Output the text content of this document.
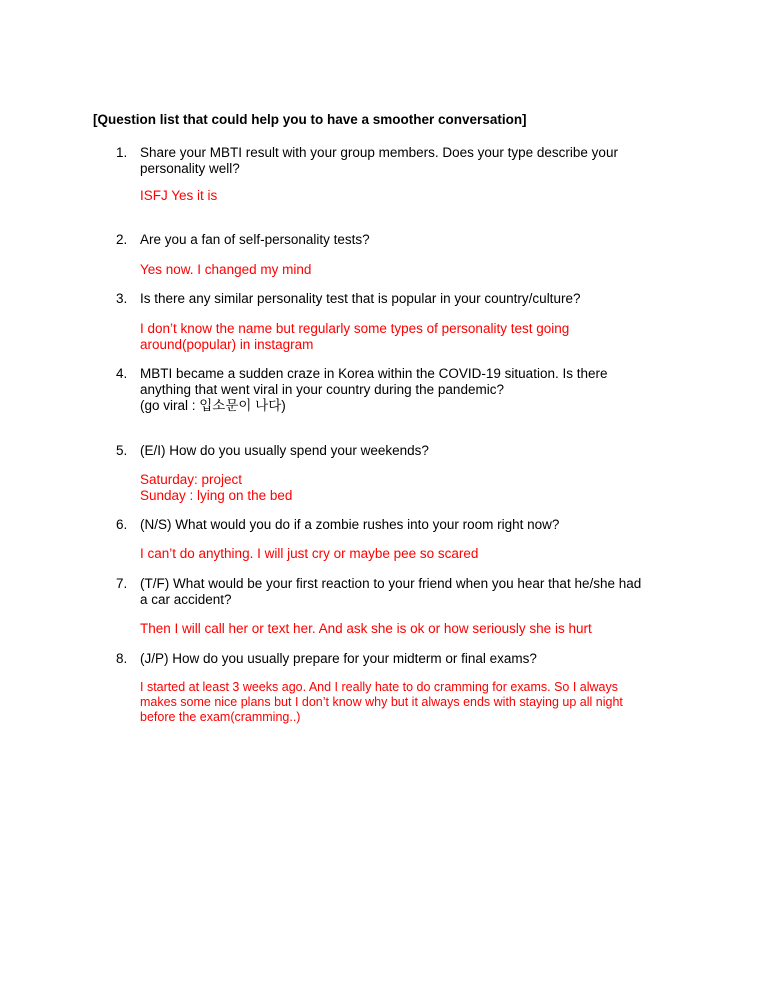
[Question list that could help you to have a smoother conversation]
1. Share your MBTI result with your group members. Does your type describe your
personality well?
ISFJ Yes it is
2. Are you a fan of self-personality tests?
Yes now. I changed my mind
3. Is there any similar personality test that is popular in your country/culture?
I don’t know the name but regularly some types of personality test going
around(popular) in instagram
4. MBTI became a sudden craze in Korea within the COVID-19 situation. Is there
anything that went viral in your country during the pandemic?
(go viral : 입소문이 나다)
5. (E/I) How do you usually spend your weekends?
Saturday: project
Sunday : lying on the bed
6. (N/S) What would you do if a zombie rushes into your room right now?
I can’t do anything. I will just cry or maybe pee so scared
7. (T/F) What would be your first reaction to your friend when you hear that he/she had
a car accident?
Then I will call her or text her. And ask she is ok or how seriously she is hurt
8. (J/P) How do you usually prepare for your midterm or final exams?
I started at least 3 weeks ago. And I really hate to do cramming for exams. So I always
makes some nice plans but I don’t know why but it always ends with staying up all night
before the exam(cramming..)
